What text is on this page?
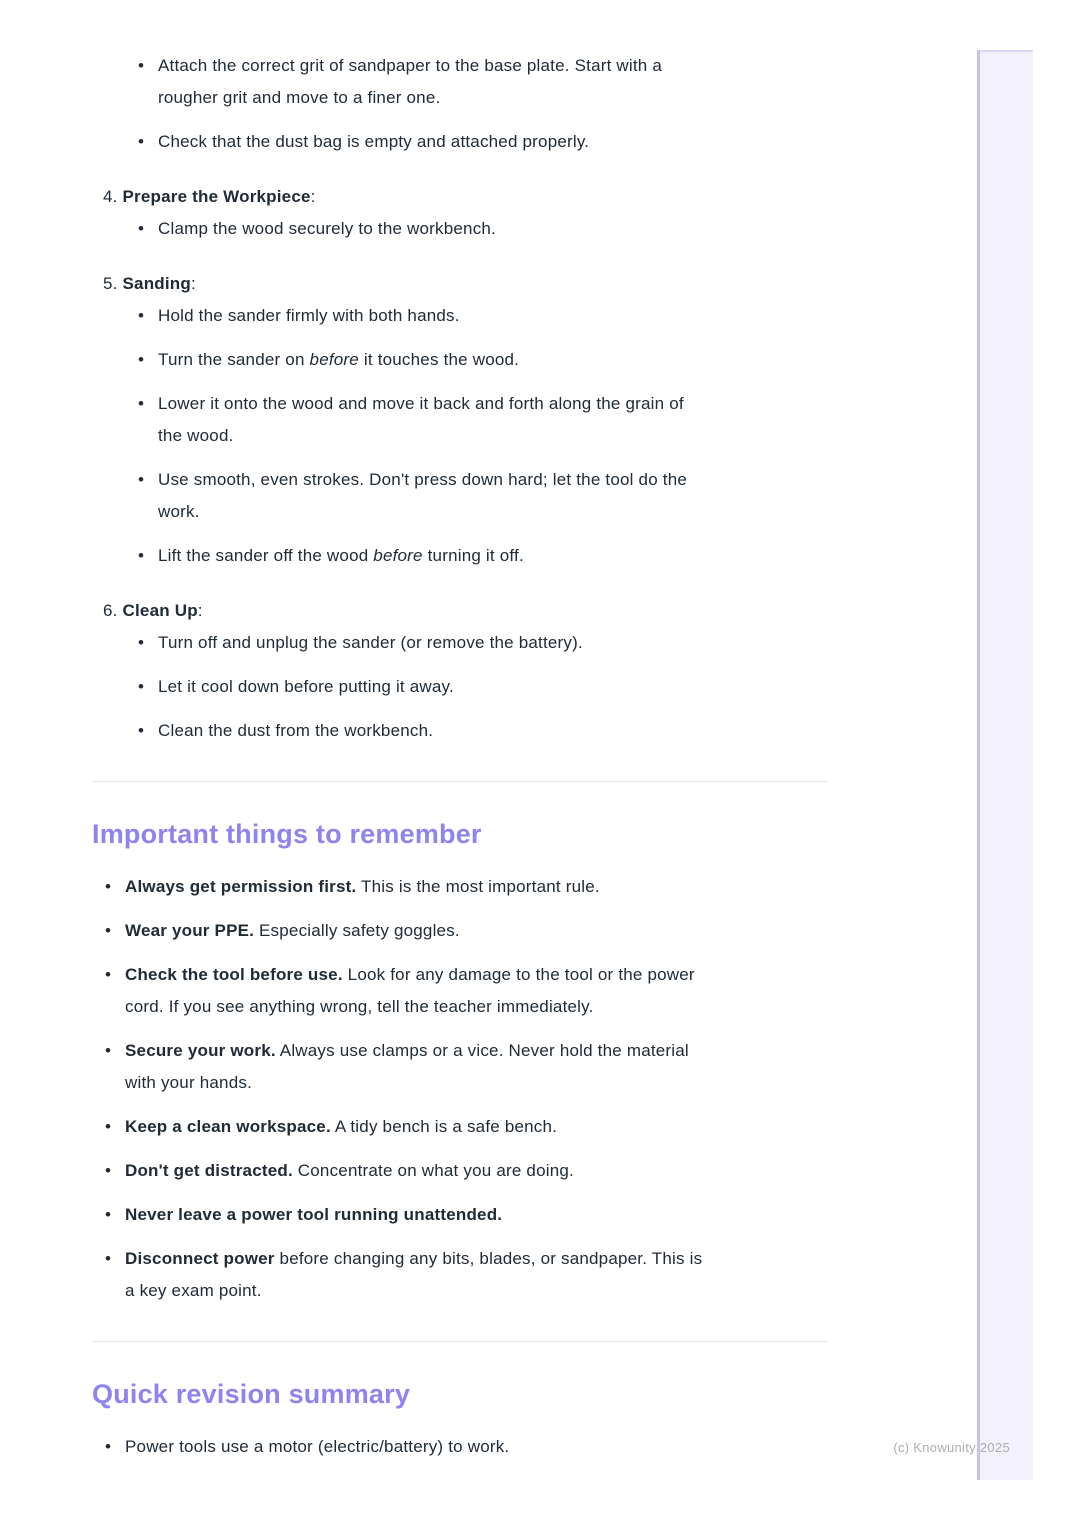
• Attach the correct grit of sandpaper to the base plate. Start with a
rougher grit and move to a finer one.
• Check that the dust bag is empty and attached properly.
4. Prepare the Workpiece:
• Clamp the wood securely to the workbench.
5. Sanding:
• Hold the sander firmly with both hands.
• Turn the sander on before it touches the wood.
• Lower it onto the wood and move it back and forth along the grain of
the wood.
• Use smooth, even strokes. Don't press down hard; let the tool do the
work.
• Lift the sander off the wood before turning it off.
6. Clean Up:
• Turn off and unplug the sander (or remove the battery).
• Let it cool down before putting it away.
• Clean the dust from the workbench.
Important things to remember
• Always get permission first. This is the most important rule.
• Wear your PPE. Especially safety goggles.
• Check the tool before use. Look for any damage to the tool or the power
cord. If you see anything wrong, tell the teacher immediately.
• Secure your work. Always use clamps or a vice. Never hold the material
with your hands.
• Keep a clean workspace. A tidy bench is a safe bench.
• Don't get distracted. Concentrate on what you are doing.
• Never leave a power tool running unattended.
• Disconnect power before changing any bits, blades, or sandpaper. This is
a key exam point.
Quick revision summary
• Power tools use a motor (electric/battery) to work.	(c) Knowunity 2025
